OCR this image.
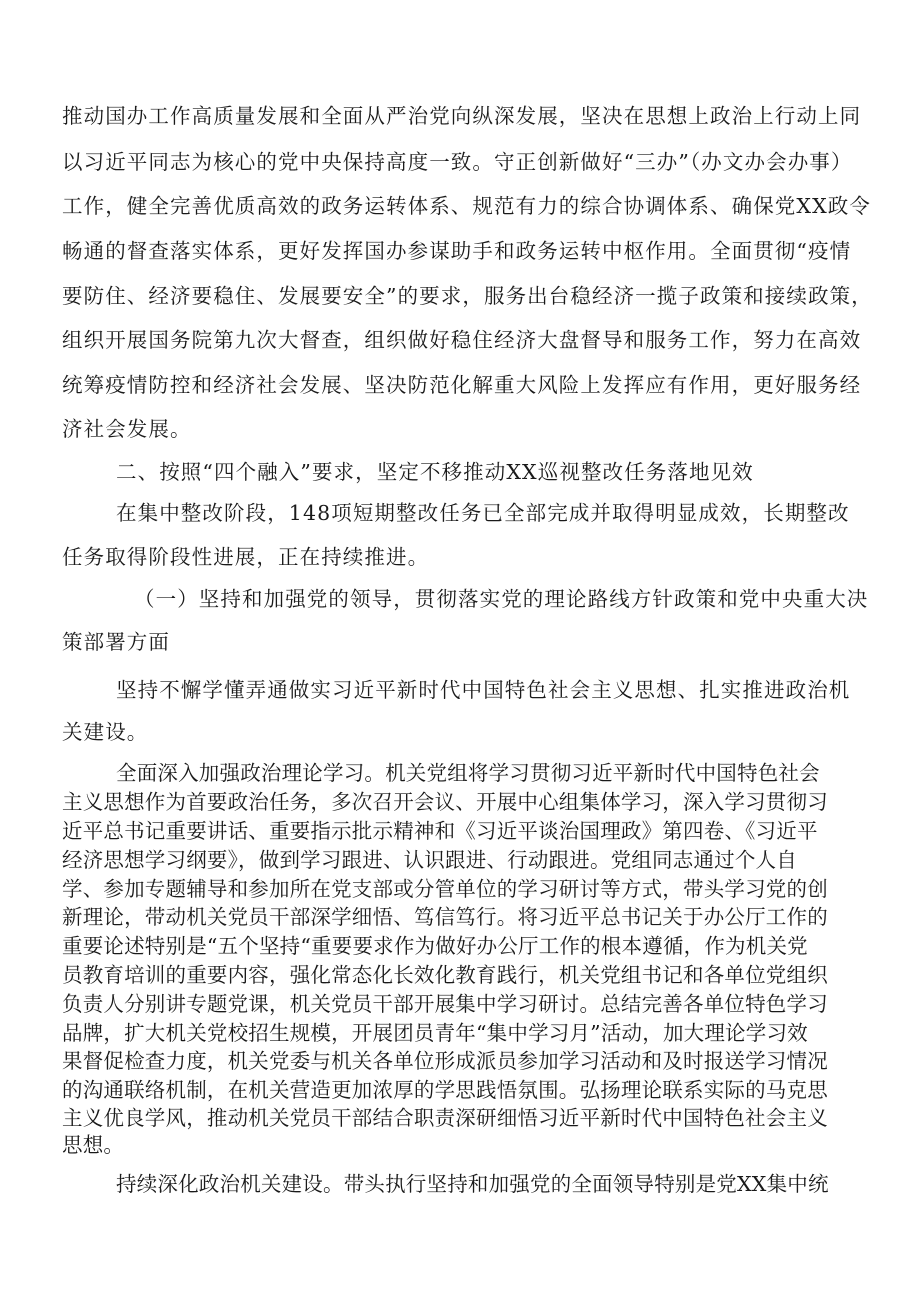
推动国办工作高质量发展和全面从严治党向纵深发展，坚决在思想上政治上行动上同

以习近平同志为核心的党中央保持高度一致。守正创新做好“三办”（办文办会办事）

工作，健全完善优质高效的政务运转体系、规范有力的综合协调体系、确保党XX政令

畅通的督查落实体系，更好发挥国办参谋助手和政务运转中枢作用。全面贯彻“疫情

要防住、经济要稳住、发展要安全”的要求，服务出台稳经济一揽子政策和接续政策，

组织开展国务院第九次大督查，组织做好稳住经济大盘督导和服务工作，努力在高效

统筹疫情防控和经济社会发展、坚决防范化解重大风险上发挥应有作用，更好服务经

济社会发展。

二、按照“四个融入”要求，坚定不移推动XX巡视整改任务落地见效

在集中整改阶段，148项短期整改任务已全部完成并取得明显成效，长期整改

任务取得阶段性进展，正在持续推进。

（一）坚持和加强党的领导，贯彻落实党的理论路线方针政策和党中央重大决

策部署方面

坚持不懈学懂弄通做实习近平新时代中国特色社会主义思想、扎实推进政治机

关建设。

全面深入加强政治理论学习。机关党组将学习贯彻习近平新时代中国特色社会

主义思想作为首要政治任务，多次召开会议、开展中心组集体学习，深入学习贯彻习

近平总书记重要讲话、重要指示批示精神和《习近平谈治国理政》第四卷、《习近平

经济思想学习纲要》，做到学习跟进、认识跟进、行动跟进。党组同志通过个人自

学、参加专题辅导和参加所在党支部或分管单位的学习研讨等方式，带头学习党的创

新理论，带动机关党员干部深学细悟、笃信笃行。将习近平总书记关于办公厅工作的

重要论述特别是“五个坚持“重要要求作为做好办公厅工作的根本遵循，作为机关党

员教育培训的重要内容，强化常态化长效化教育践行，机关党组书记和各单位党组织

负责人分别讲专题党课，机关党员干部开展集中学习研讨。总结完善各单位特色学习

品牌，扩大机关党校招生规模，开展团员青年“集中学习月”活动，加大理论学习效

果督促检查力度，机关党委与机关各单位形成派员参加学习活动和及时报送学习情况

的沟通联络机制，在机关营造更加浓厚的学思践悟氛围。弘扬理论联系实际的马克思

主义优良学风，推动机关党员干部结合职责深研细悟习近平新时代中国特色社会主义

思想。

持续深化政治机关建设。带头执行坚持和加强党的全面领导特别是党XX集中统
